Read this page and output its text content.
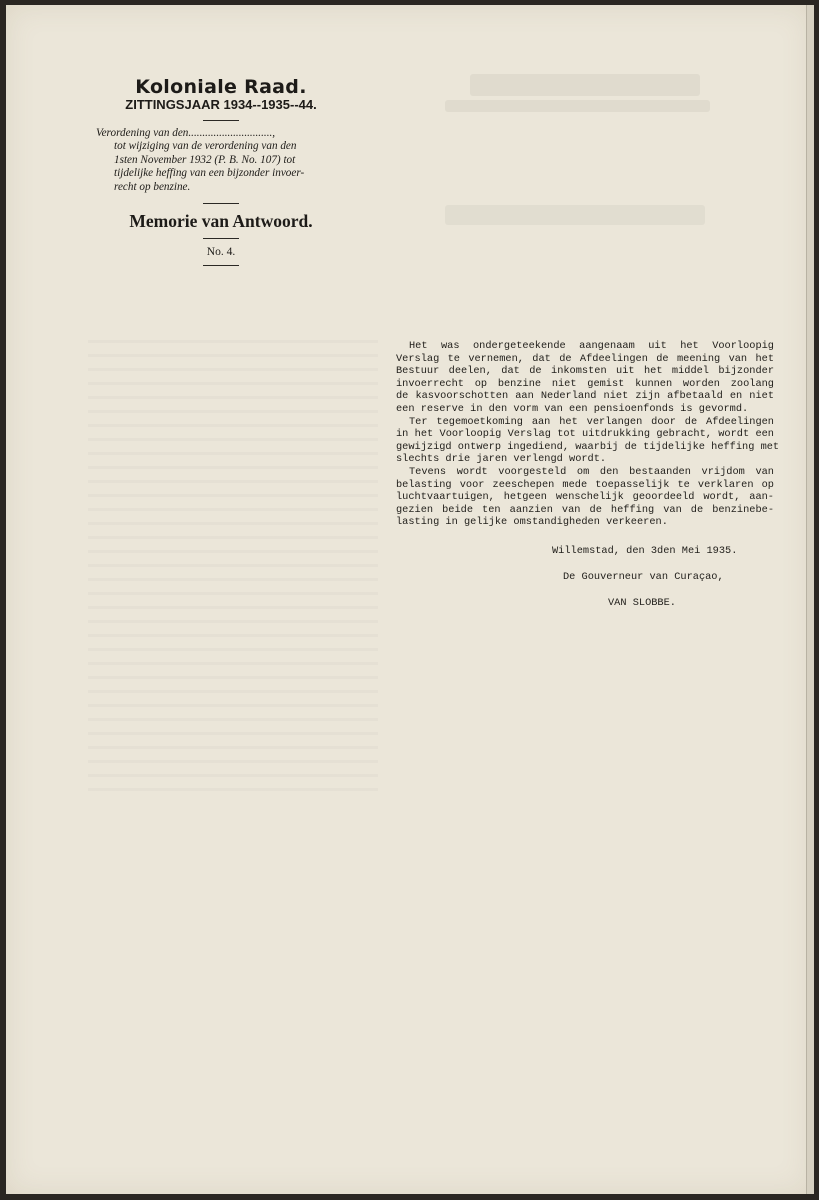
Koloniale Raad.
ZITTINGSJAAR 1934--1935--44.
Verordening van den..............................,
tot wijziging van de verordening van den
1sten November 1932 (P. B. No. 107) tot
tijdelijke heffing van een bijzonder invoer-
recht op benzine.
Memorie van Antwoord.
No. 4.
Het was ondergeteekende aangenaam uit het Voorloopig
Verslag te vernemen, dat de Afdeelingen de meening van het
Bestuur deelen, dat de inkomsten uit het middel bijzonder
invoerrecht op benzine niet gemist kunnen worden zoolang
de kasvoorschotten aan Nederland niet zijn afbetaald en niet
een reserve in den vorm van een pensioenfonds is gevormd.
Ter tegemoetkoming aan het verlangen door de Afdeelingen
in het Voorloopig Verslag tot uitdrukking gebracht, wordt een
gewijzigd ontwerp ingediend, waarbij de tijdelijke heffing met
slechts drie jaren verlengd wordt.
Tevens wordt voorgesteld om den bestaanden vrijdom van
belasting voor zeeschepen mede toepasselijk te verklaren op
luchtvaartuigen, hetgeen wenschelijk geoordeeld wordt, aan-
gezien beide ten aanzien van de heffing van de benzinebe-
lasting in gelijke omstandigheden verkeeren.
Willemstad, den 3den Mei 1935.
De Gouverneur van Curaçao,
VAN SLOBBE.
